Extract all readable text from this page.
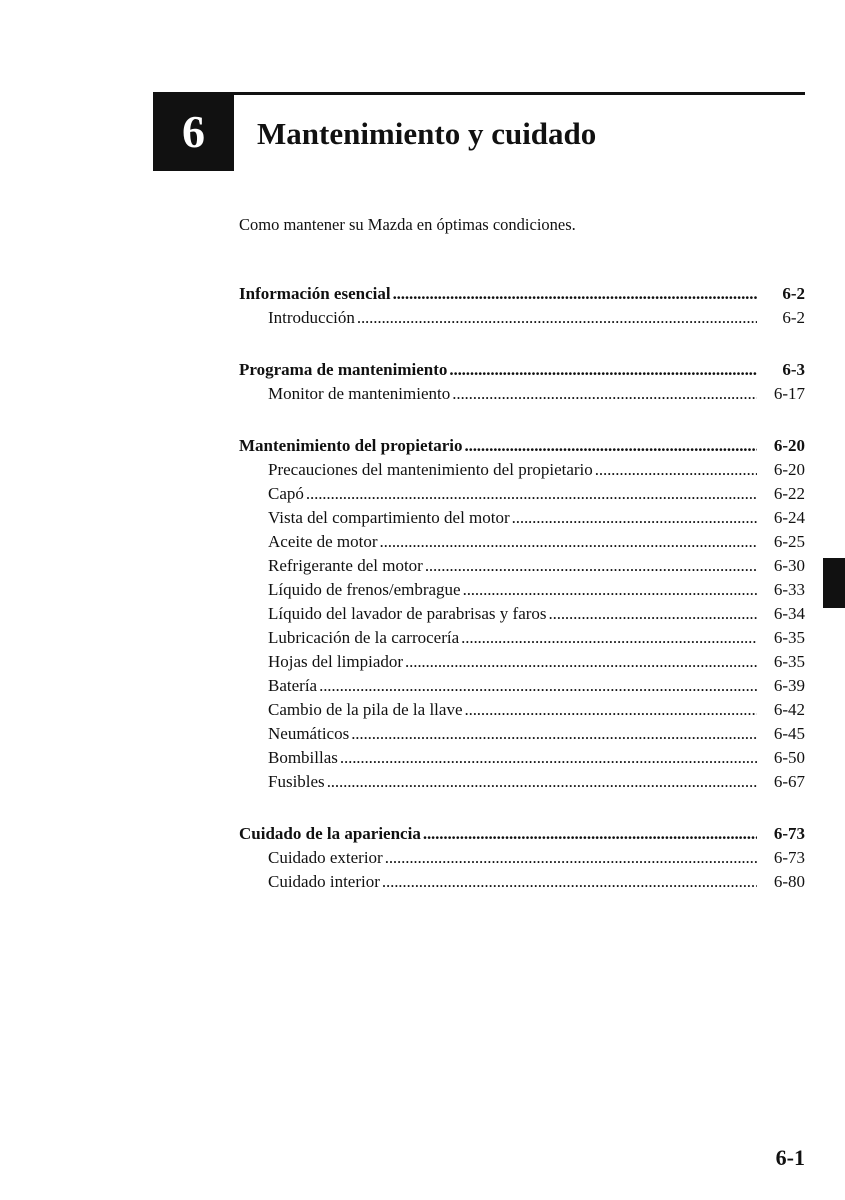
6 Mantenimiento y cuidado
Como mantener su Mazda en óptimas condiciones.
Información esencial . . .	6-2
Introducción . . .	6-2
Programa de mantenimiento . . .	6-3
Monitor de mantenimiento . . .	6-17
Mantenimiento del propietario . . .	6-20
Precauciones del mantenimiento del propietario . . .	6-20
Capó . . .	6-22
Vista del compartimiento del motor . . .	6-24
Aceite de motor . . .	6-25
Refrigerante del motor . . .	6-30
Líquido de frenos/embrague . . .	6-33
Líquido del lavador de parabrisas y faros . . .	6-34
Lubricación de la carrocería . . .	6-35
Hojas del limpiador . . .	6-35
Batería . . .	6-39
Cambio de la pila de la llave . . .	6-42
Neumáticos . . .	6-45
Bombillas . . .	6-50
Fusibles . . .	6-67
Cuidado de la apariencia . . .	6-73
Cuidado exterior . . .	6-73
Cuidado interior . . .	6-80
6-1
